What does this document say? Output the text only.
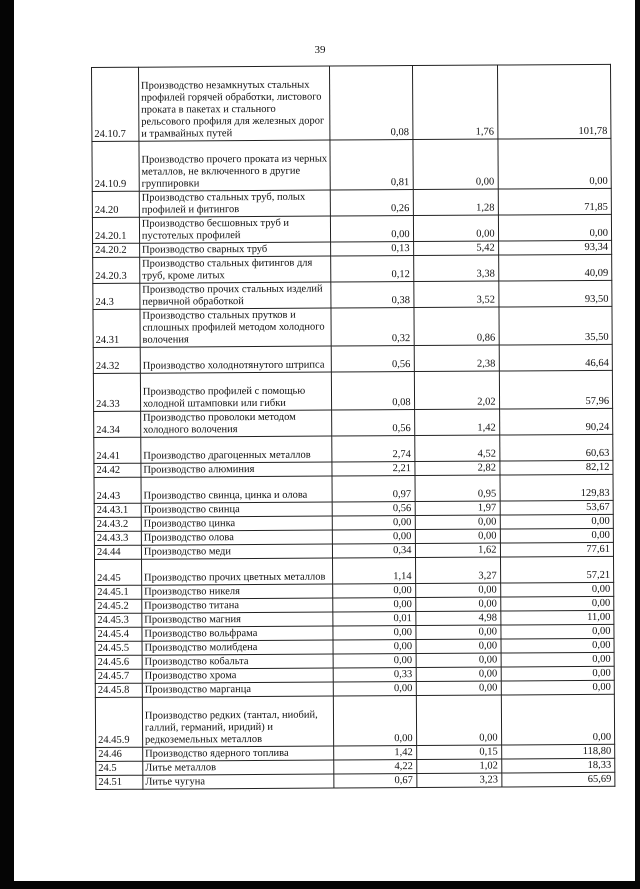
39
24.10.7	Производство незамкнутых стальных профилей горячей обработки, листового проката в пакетах и стального рельсового профиля для железных дорог и трамвайных путей	0,08	1,76	101,78
24.10.9	Производство прочего проката из черных металлов, не включенного в другие группировки	0,81	0,00	0,00
24.20	Производство стальных труб, полых профилей и фитингов	0,26	1,28	71,85
24.20.1	Производство бесшовных труб и пустотелых профилей	0,00	0,00	0,00
24.20.2	Производство сварных труб	0,13	5,42	93,34
24.20.3	Производство стальных фитингов для труб, кроме литых	0,12	3,38	40,09
24.3	Производство прочих стальных изделий первичной обработкой	0,38	3,52	93,50
24.31	Производство стальных прутков и сплошных профилей методом холодного волочения	0,32	0,86	35,50
24.32	Производство холоднотянутого штрипса	0,56	2,38	46,64
24.33	Производство профилей с помощью холодной штамповки или гибки	0,08	2,02	57,96
24.34	Производство проволоки методом холодного волочения	0,56	1,42	90,24
24.41	Производство драгоценных металлов	2,74	4,52	60,63
24.42	Производство алюминия	2,21	2,82	82,12
24.43	Производство свинца, цинка и олова	0,97	0,95	129,83
24.43.1	Производство свинца	0,56	1,97	53,67
24.43.2	Производство цинка	0,00	0,00	0,00
24.43.3	Производство олова	0,00	0,00	0,00
24.44	Производство меди	0,34	1,62	77,61
24.45	Производство прочих цветных металлов	1,14	3,27	57,21
24.45.1	Производство никеля	0,00	0,00	0,00
24.45.2	Производство титана	0,00	0,00	0,00
24.45.3	Производство магния	0,01	4,98	11,00
24.45.4	Производство вольфрама	0,00	0,00	0,00
24.45.5	Производство молибдена	0,00	0,00	0,00
24.45.6	Производство кобальта	0,00	0,00	0,00
24.45.7	Производство хрома	0,33	0,00	0,00
24.45.8	Производство марганца	0,00	0,00	0,00
24.45.9	Производство редких (тантал, ниобий, галлий, германий, иридий) и редкоземельных металлов	0,00	0,00	0,00
24.46	Производство ядерного топлива	1,42	0,15	118,80
24.5	Литье металлов	4,22	1,02	18,33
24.51	Литье чугуна	0,67	3,23	65,69
